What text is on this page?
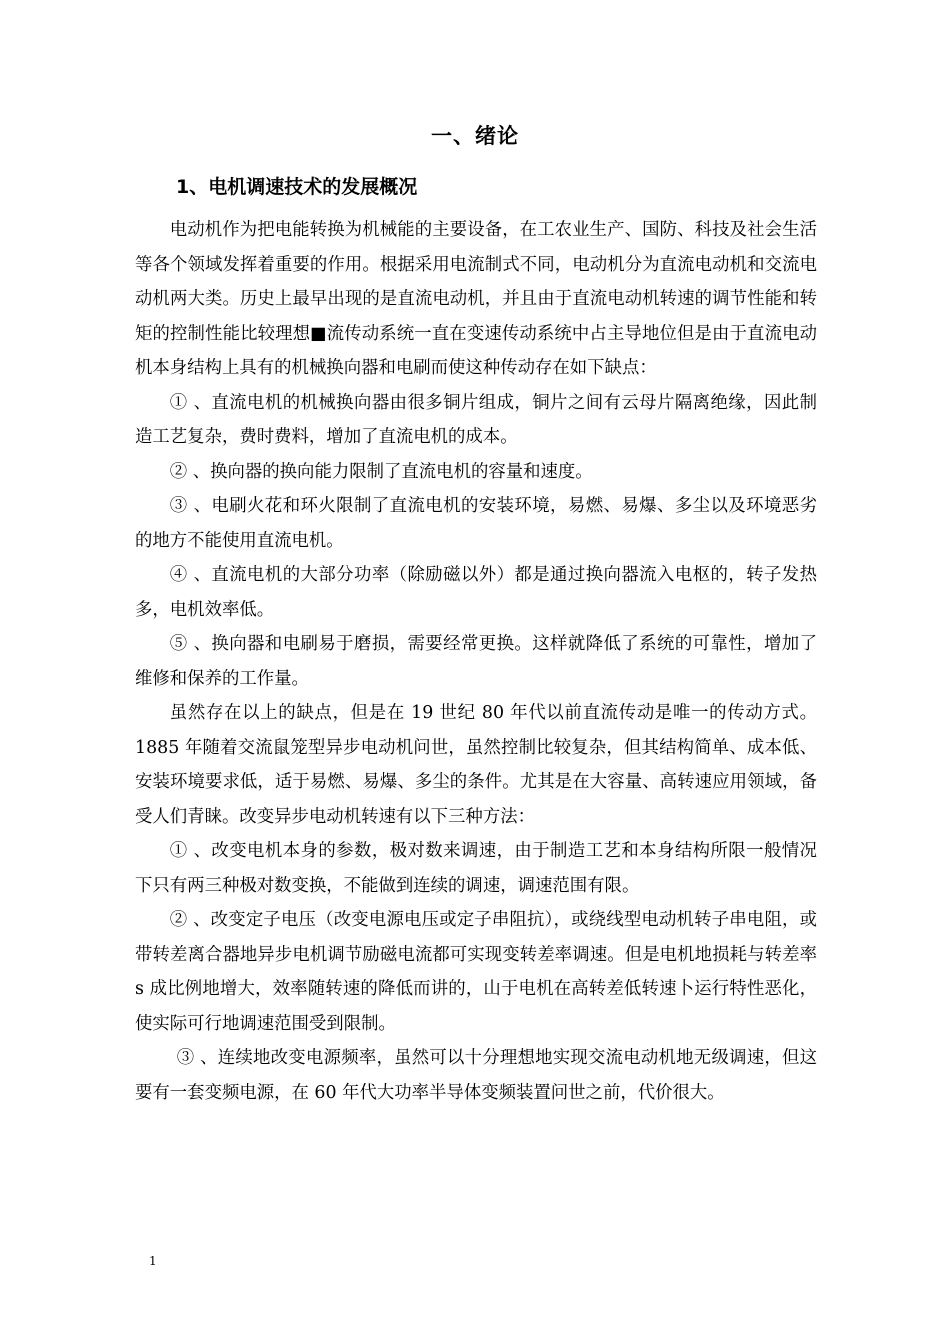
一、绪论
1、电机调速技术的发展概况

电动机作为把电能转换为机械能的主要设备，在工农业生产、国防、科技及社会生活等各个领域发挥着重要的作用。根据采用电流制式不同，电动机分为直流电动机和交流电动机两大类。历史上最早出现的是直流电动机，并且由于直流电动机转速的调节性能和转矩的控制性能比较理想■流传动系统一直在变速传动系统中占主导地位但是由于直流电动机本身结构上具有的机械换向器和电刷而使这种传动存在如下缺点：

① 、直流电机的机械换向器由很多铜片组成，铜片之间有云母片隔离绝缘，因此制造工艺复杂，费时费料，增加了直流电机的成本。

② 、换向器的换向能力限制了直流电机的容量和速度。

③ 、电刷火花和环火限制了直流电机的安装环境，易燃、易爆、多尘以及环境恶劣的地方不能使用直流电机。

④ 、直流电机的大部分功率（除励磁以外）都是通过换向器流入电枢的，转子发热多，电机效率低。

⑤ 、换向器和电刷易于磨损，需要经常更换。这样就降低了系统的可靠性，增加了维修和保养的工作量。

虽然存在以上的缺点，但是在 19 世纪 80 年代以前直流传动是唯一的传动方式。1885 年随着交流鼠笼型异步电动机问世，虽然控制比较复杂，但其结构简单、成本低、安装环境要求低，适于易燃、易爆、多尘的条件。尤其是在大容量、高转速应用领域，备受人们青睐。改变异步电动机转速有以下三种方法：

① 、改变电机本身的参数，极对数来调速，由于制造工艺和本身结构所限一般情况下只有两三种极对数变换，不能做到连续的调速，调速范围有限。

② 、改变定子电压（改变电源电压或定子串阻抗），或绕线型电动机转子串电阻，或带转差离合器地异步电机调节励磁电流都可实现变转差率调速。但是电机地损耗与转差率 s 成比例地增大，效率随转速的降低而讲的，山于电机在高转差低转速卜运行特性恶化，使实际可行地调速范围受到限制。

③ 、连续地改变电源频率，虽然可以十分理想地实现交流电动机地无级调速，但这要有一套变频电源，在 60 年代大功率半导体变频装置问世之前，代价很大。

1
